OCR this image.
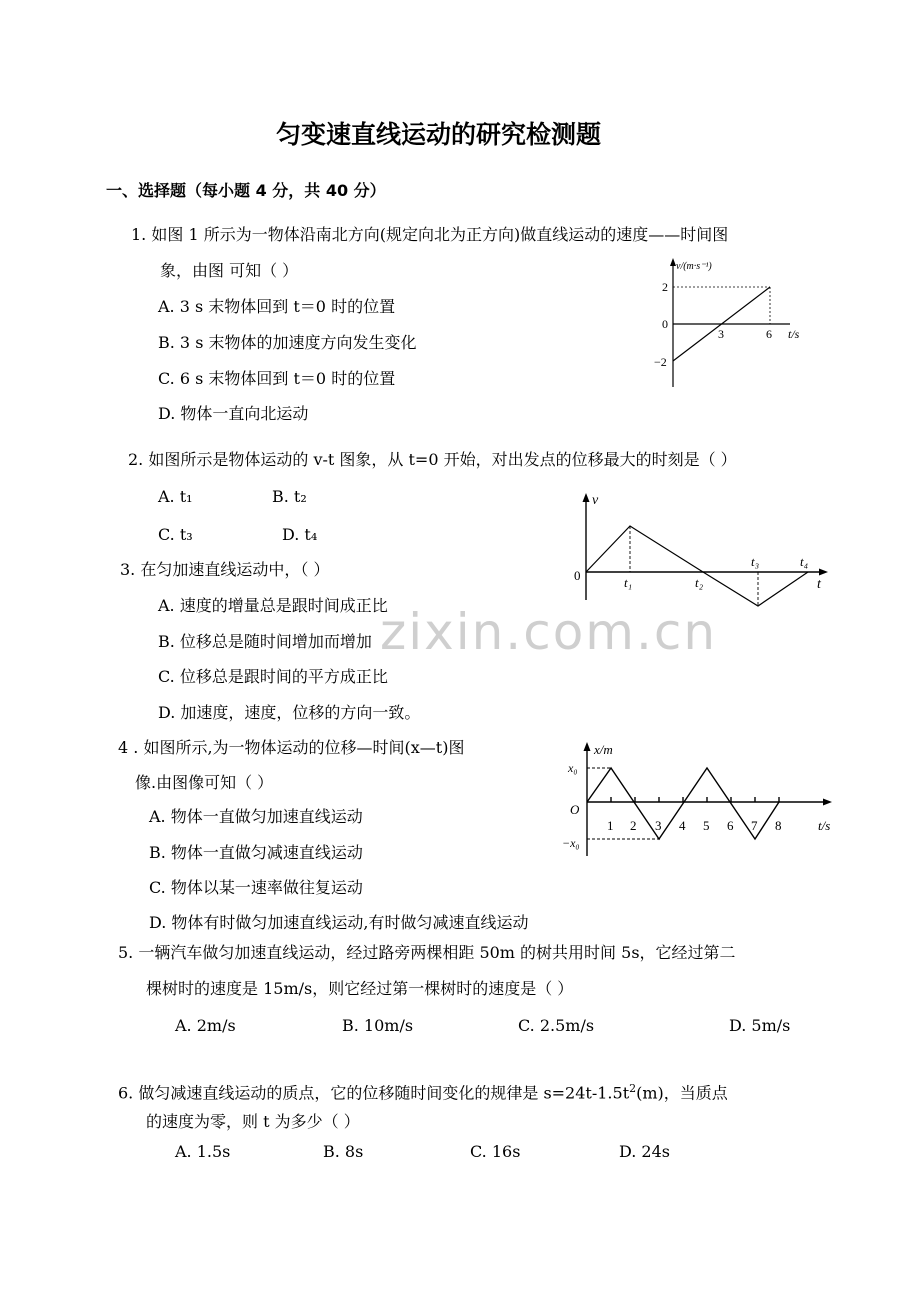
匀变速直线运动的研究检测题
一、选择题（每小题 4 分，共 40 分）
zixin.com.cn
1. 如图 1 所示为一物体沿南北方向(规定向北为正方向)做直线运动的速度——时间图
象，由图 可知（ ）
A. 3 s 末物体回到 t＝0 时的位置
B. 3 s 末物体的加速度方向发生变化
C. 6 s 末物体回到 t＝0 时的位置
D. 物体一直向北运动
v/(m·s⁻¹)
2
0
−2
3	6 t/s
2. 如图所示是物体运动的 v-t 图象，从 t=0 开始，对出发点的位移最大的时刻是（ ）
A. t₁	B. t₂
C. t₃	D. t₄
v
0	t₁	t₂
t₃	t₄
t
3. 在匀加速直线运动中，（ ）
A. 速度的增量总是跟时间成正比
B. 位移总是随时间增加而增加
C. 位移总是跟时间的平方成正比
D. 加速度，速度，位移的方向一致。
4 . 如图所示,为一物体运动的位移—时间(x—t)图
像.由图像可知（ ）
A. 物体一直做匀加速直线运动
B. 物体一直做匀减速直线运动
C. 物体以某一速率做往复运动
D. 物体有时做匀加速直线运动,有时做匀减速直线运动
x/m
x₀
O
−x₀
1 2 3 4 5 6 7 8	t/s
5. 一辆汽车做匀加速直线运动，经过路旁两棵相距 50m 的树共用时间 5s，它经过第二
棵树时的速度是 15m/s，则它经过第一棵树时的速度是（ ）
A. 2m/s	B. 10m/s	C. 2.5m/s	D. 5m/s
6. 做匀减速直线运动的质点，它的位移随时间变化的规律是 $s=24t-1.5t^2(m)$，当质点
的速度为零，则 t 为多少（ ）
A. 1.5s	B. 8s	C. 16s	D. 24s
